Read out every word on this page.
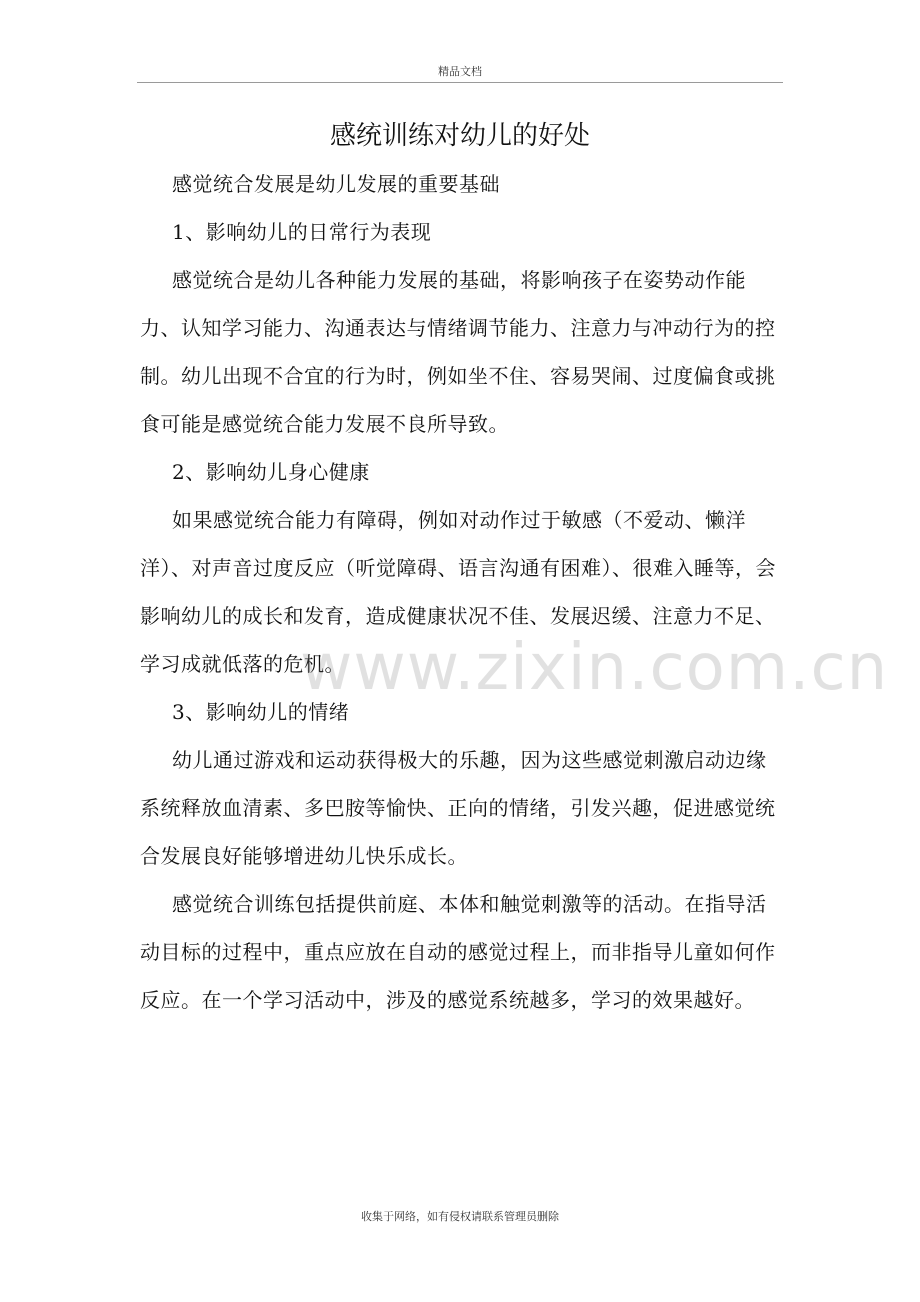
精品文档
感统训练对幼儿的好处

感觉统合发展是幼儿发展的重要基础

1、影响幼儿的日常行为表现

感觉统合是幼儿各种能力发展的基础，将影响孩子在姿势动作能力、认知学习能力、沟通表达与情绪调节能力、注意力与冲动行为的控制。幼儿出现不合宜的行为时，例如坐不住、容易哭闹、过度偏食或挑食可能是感觉统合能力发展不良所导致。

2、影响幼儿身心健康

如果感觉统合能力有障碍，例如对动作过于敏感（不爱动、懒洋洋）、对声音过度反应（听觉障碍、语言沟通有困难）、很难入睡等，会影响幼儿的成长和发育，造成健康状况不佳、发展迟缓、注意力不足、学习成就低落的危机。

3、影响幼儿的情绪

幼儿通过游戏和运动获得极大的乐趣，因为这些感觉刺激启动边缘系统释放血清素、多巴胺等愉快、正向的情绪，引发兴趣，促进感觉统合发展良好能够增进幼儿快乐成长。

感觉统合训练包括提供前庭、本体和触觉刺激等的活动。在指导活动目标的过程中，重点应放在自动的感觉过程上，而非指导儿童如何作反应。在一个学习活动中，涉及的感觉系统越多，学习的效果越好。

www.zixin.com.cn
收集于网络，如有侵权请联系管理员删除
